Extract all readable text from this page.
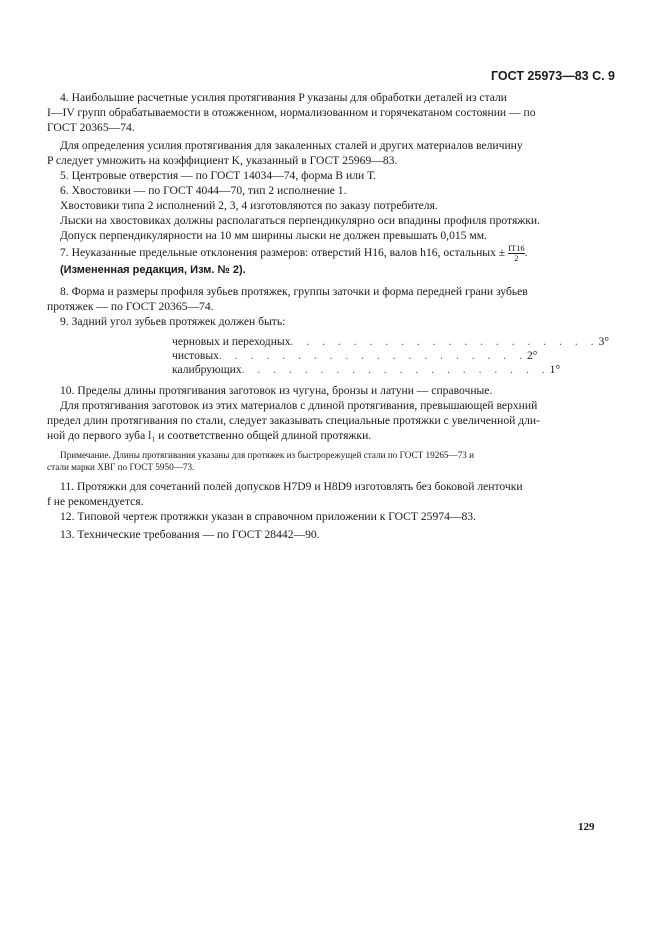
ГОСТ 25973—83 С. 9
4. Наибольшие расчетные усилия протягивания P указаны для обработки деталей из стали
I—IV групп обрабатываемости в отожженном, нормализованном и горячекатаном состоянии — по
ГОСТ 20365—74.
Для определения усилия протягивания для закаленных сталей и других материалов величину
P следует умножить на коэффициент K, указанный в ГОСТ 25969—83.
5. Центровые отверстия — по ГОСТ 14034—74, форма В или Т.
6. Хвостовики — по ГОСТ 4044—70, тип 2 исполнение 1.
Хвостовики типа 2 исполнений 2, 3, 4 изготовляются по заказу потребителя.
Лыски на хвостовиках должны располагаться перпендикулярно оси впадины профиля протяжки.
Допуск перпендикулярности на 10 мм ширины лыски не должен превышать 0,015 мм.
7. Неуказанные предельные отклонения размеров: отверстий H16, валов h16, остальных ± $\frac{IT16}{2}$ .
(Измененная редакция, Изм. № 2).
8. Форма и размеры профиля зубьев протяжек, группы заточки и форма передней грани зубьев
протяжек — по ГОСТ 20365—74.
9. Задний угол зубьев протяжек должен быть:
черновых и переходных . . . . . . . . . . . . . . . . . . . . 3°
чистовых . . . . . . . . . . . . . . . . . . . . 2°
калибрующих . . . . . . . . . . . . . . . . . . . . 1°
10. Пределы длины протягивания заготовок из чугуна, бронзы и латуни — справочные.
Для протягивания заготовок из этих материалов с длиной протягивания, превышающей верхний
предел длин протягивания по стали, следует заказывать специальные протяжки с увеличенной дли-
ной до первого зуба l₁ и соответственно общей длиной протяжки.
Примечание. Длины протягивания указаны для протяжек из быстрорежущей стали по ГОСТ 19265—73 и
стали марки ХВГ по ГОСТ 5950—73.
11. Протяжки для сочетаний полей допусков H7D9 и H8D9 изготовлять без боковой ленточки
f не рекомендуется.
12. Типовой чертеж протяжки указан в справочном приложении к ГОСТ 25974—83.
13. Технические требования — по ГОСТ 28442—90.
129
